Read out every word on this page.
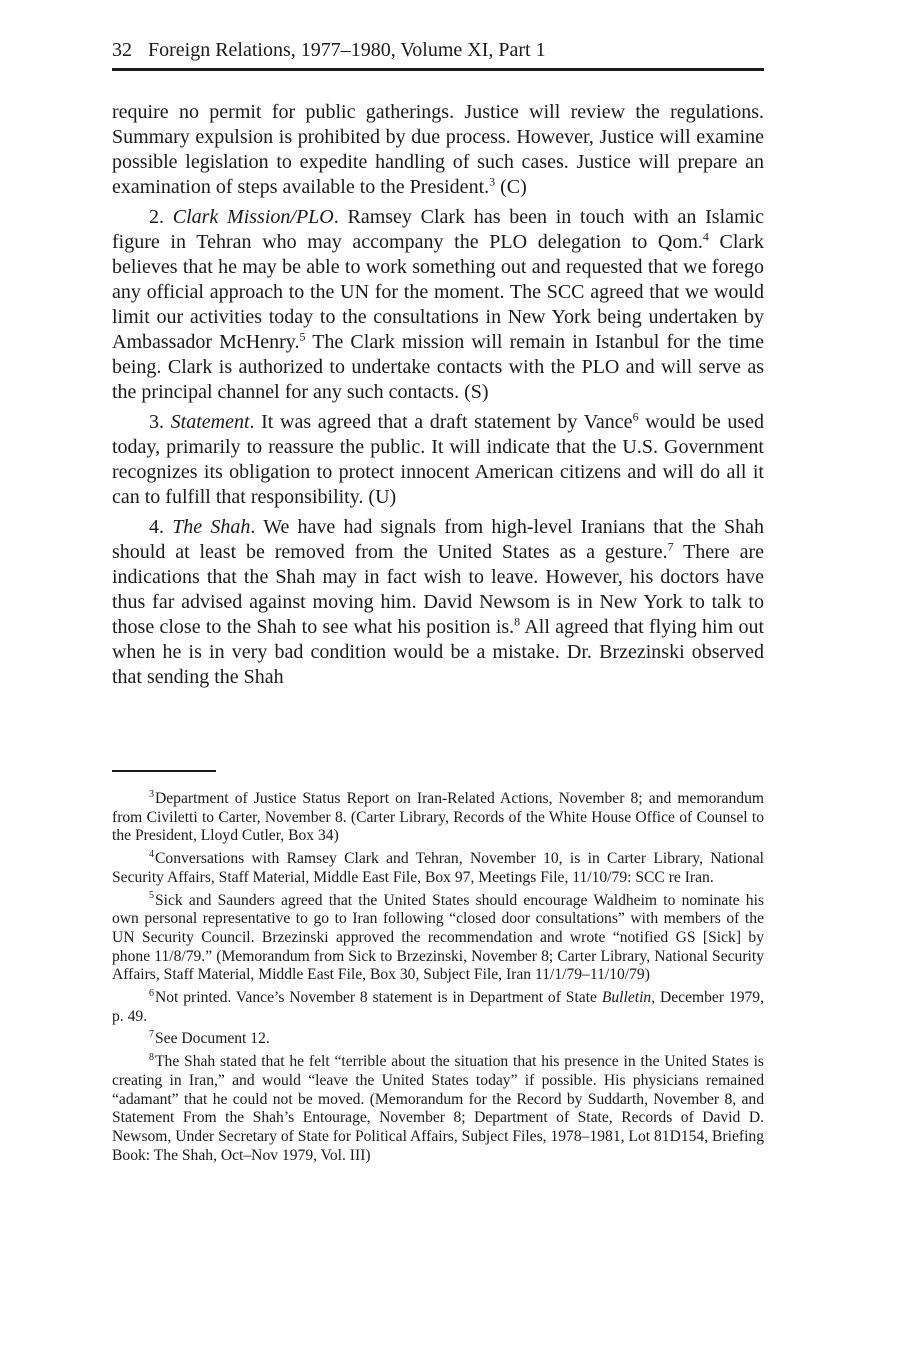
32 Foreign Relations, 1977–1980, Volume XI, Part 1

require no permit for public gatherings. Justice will review the regulations. Summary expulsion is prohibited by due process. However, Justice will examine possible legislation to expedite handling of such cases. Justice will prepare an examination of steps available to the President.$^3$ (C)

2. Clark Mission/PLO. Ramsey Clark has been in touch with an Islamic figure in Tehran who may accompany the PLO delegation to Qom.$^4$ Clark believes that he may be able to work something out and requested that we forego any official approach to the UN for the moment. The SCC agreed that we would limit our activities today to the consultations in New York being undertaken by Ambassador McHenry.$^5$ The Clark mission will remain in Istanbul for the time being. Clark is authorized to undertake contacts with the PLO and will serve as the principal channel for any such contacts. (S)

3. Statement. It was agreed that a draft statement by Vance$^6$ would be used today, primarily to reassure the public. It will indicate that the U.S. Government recognizes its obligation to protect innocent American citizens and will do all it can to fulfill that responsibility. (U)

4. The Shah. We have had signals from high-level Iranians that the Shah should at least be removed from the United States as a gesture.$^7$ There are indications that the Shah may in fact wish to leave. However, his doctors have thus far advised against moving him. David Newsom is in New York to talk to those close to the Shah to see what his position is.$^8$ All agreed that flying him out when he is in very bad condition would be a mistake. Dr. Brzezinski observed that sending the Shah

$^3$Department of Justice Status Report on Iran-Related Actions, November 8; and memorandum from Civiletti to Carter, November 8. (Carter Library, Records of the White House Office of Counsel to the President, Lloyd Cutler, Box 34)

$^4$Conversations with Ramsey Clark and Tehran, November 10, is in Carter Library, National Security Affairs, Staff Material, Middle East File, Box 97, Meetings File, 11/10/79: SCC re Iran.

$^5$Sick and Saunders agreed that the United States should encourage Waldheim to nominate his own personal representative to go to Iran following “closed door consultations” with members of the UN Security Council. Brzezinski approved the recommendation and wrote “notified GS [Sick] by phone 11/8/79.” (Memorandum from Sick to Brzezinski, November 8; Carter Library, National Security Affairs, Staff Material, Middle East File, Box 30, Subject File, Iran 11/1/79–11/10/79)

$^6$Not printed. Vance’s November 8 statement is in Department of State Bulletin, December 1979, p. 49.

$^7$See Document 12.

$^8$The Shah stated that he felt “terrible about the situation that his presence in the United States is creating in Iran,” and would “leave the United States today” if possible. His physicians remained “adamant” that he could not be moved. (Memorandum for the Record by Suddarth, November 8, and Statement From the Shah’s Entourage, November 8; Department of State, Records of David D. Newsom, Under Secretary of State for Political Affairs, Subject Files, 1978–1981, Lot 81D154, Briefing Book: The Shah, Oct–Nov 1979, Vol. III)
